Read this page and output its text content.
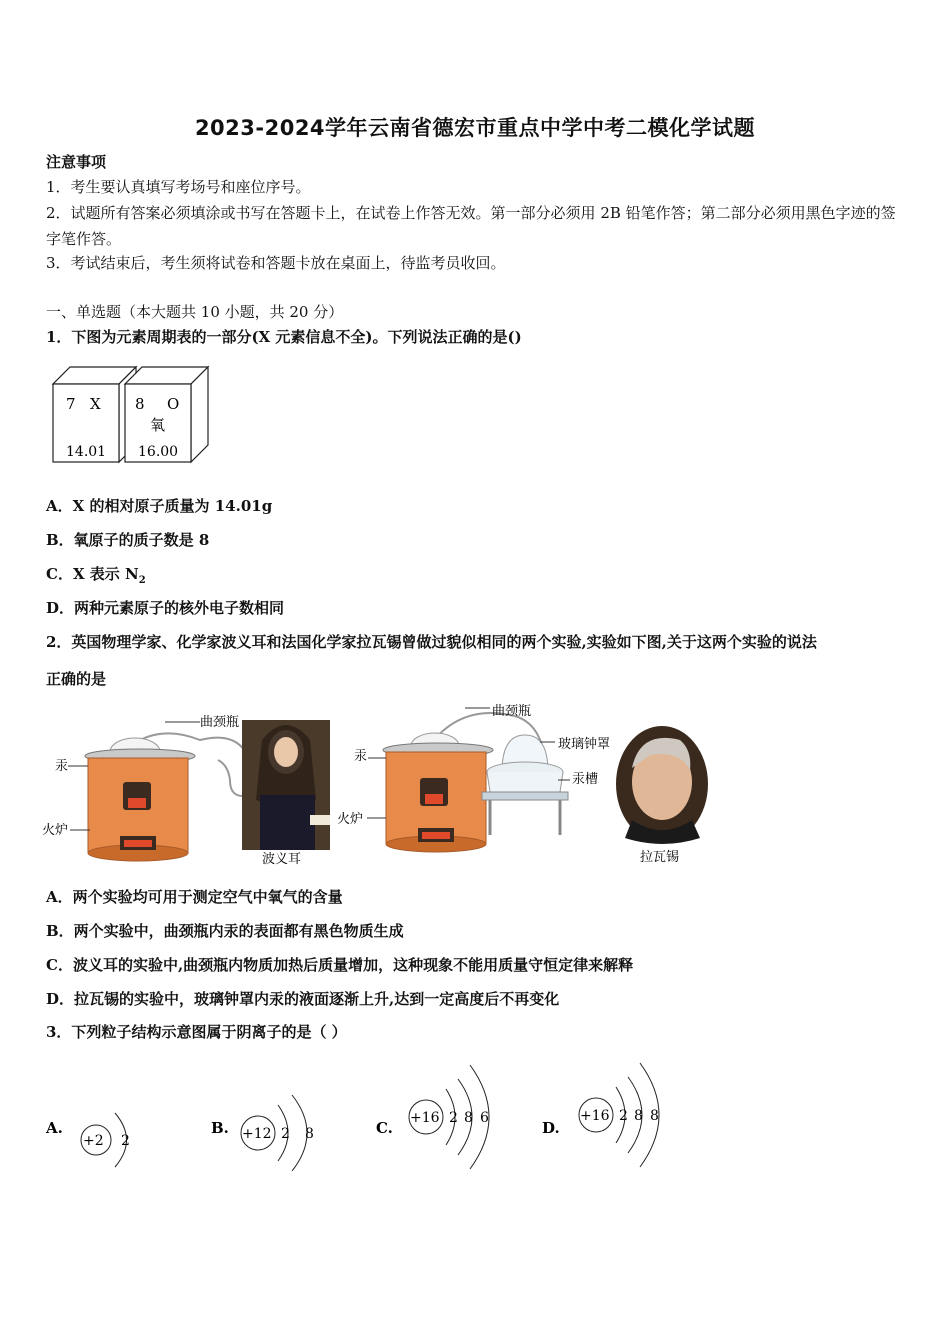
2023-2024学年云南省德宏市重点中学中考二模化学试题
注意事项
1．考生要认真填写考场号和座位序号。
2．试题所有答案必须填涂或书写在答题卡上，在试卷上作答无效。第一部分必须用 2B 铅笔作答；第二部分必须用黑色字迹的签字笔作答。
3．考试结束后，考生须将试卷和答题卡放在桌面上，待监考员收回。
一、单选题（本大题共 10 小题，共 20 分）
1．下图为元素周期表的一部分(X 元素信息不全)。下列说法正确的是()
7 X
14.01
8 O
氧
16.00
A．X 的相对原子质量为 14.01g
B．氧原子的质子数是 8
C．X 表示 $N_2$
D．两种元素原子的核外电子数相同
2．英国物理学家、化学家波义耳和法国化学家拉瓦锡曾做过貌似相同的两个实验,实验如下图,关于这两个实验的说法
正确的是
曲颈瓶
汞
火炉
波义耳
曲颈瓶
玻璃钟罩
汞
汞槽
火炉
拉瓦锡
A．两个实验均可用于测定空气中氧气的含量
B．两个实验中，曲颈瓶内汞的表面都有黑色物质生成
C．波义耳的实验中,曲颈瓶内物质加热后质量增加，这种现象不能用质量守恒定律来解释
D．拉瓦锡的实验中，玻璃钟罩内汞的液面逐渐上升,达到一定高度后不再变化
3．下列粒子结构示意图属于阴离子的是（ ）
A.
+2 2
B. +12 2 8	C.
+16 2 8 6
D.
+16 2 8 8
